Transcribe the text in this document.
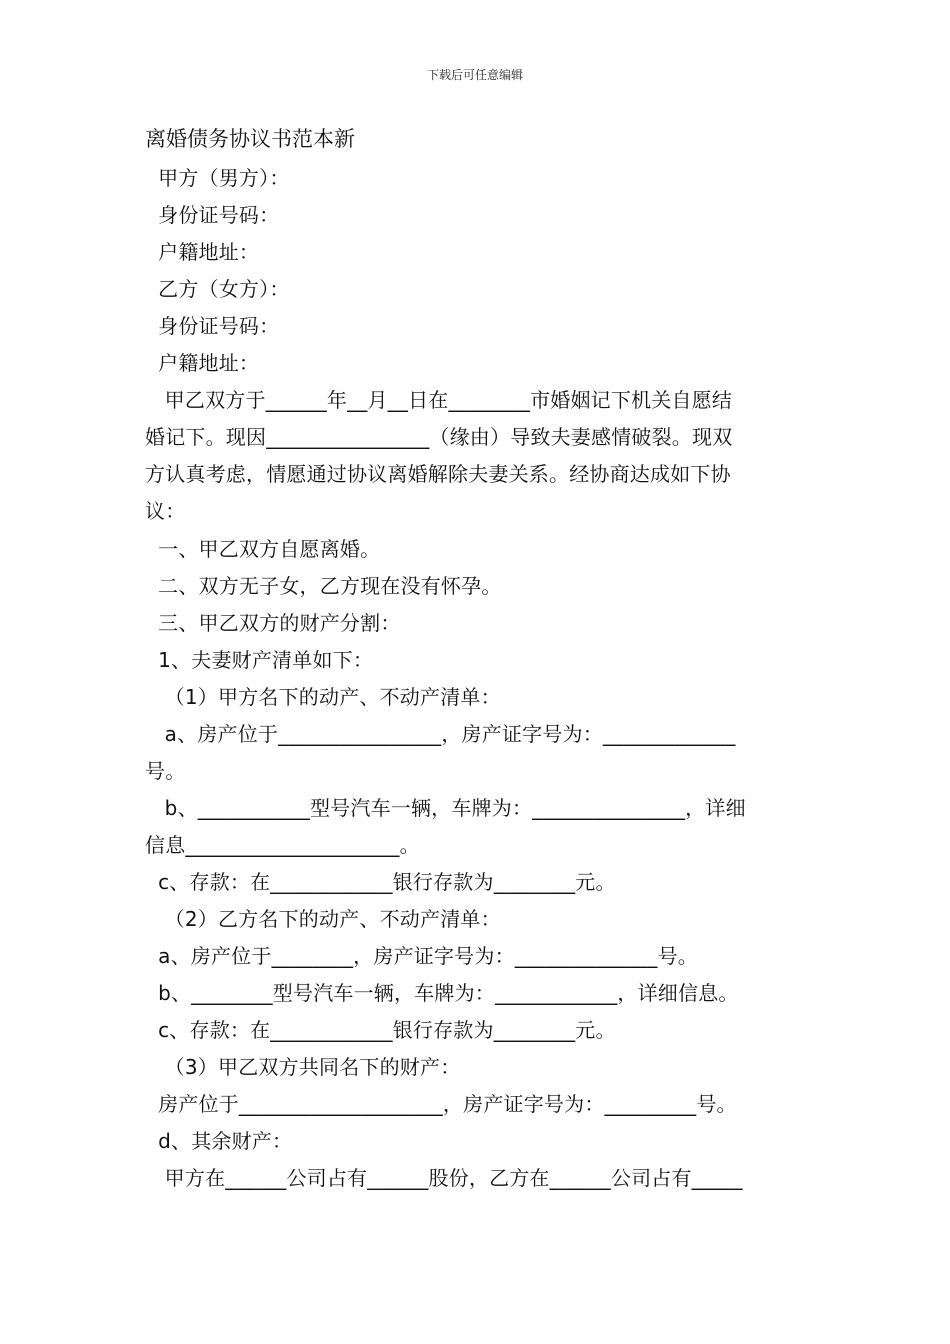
下载后可任意编辑
离婚债务协议书范本新
甲方（男方）：
身份证号码：
户籍地址：
乙方（女方）：
身份证号码：
户籍地址：
甲乙双方于______年__月__日在________市婚姻记下机关自愿结
婚记下。现因________________（缘由）导致夫妻感情破裂。现双
方认真考虑，情愿通过协议离婚解除夫妻关系。经协商达成如下协
议：
一、甲乙双方自愿离婚。
二、双方无子女，乙方现在没有怀孕。
三、甲乙双方的财产分割：
1、夫妻财产清单如下：
（1）甲方名下的动产、不动产清单：
a、房产位于________________，房产证字号为：_____________
号。
b、___________型号汽车一辆，车牌为：_______________，详细
信息_____________________。
c、存款：在____________银行存款为________元。
（2）乙方名下的动产、不动产清单：
a、房产位于________，房产证字号为：______________号。
b、________型号汽车一辆，车牌为：____________，详细信息。
c、存款：在____________银行存款为________元。
（3）甲乙双方共同名下的财产：
房产位于____________________，房产证字号为：_________号。
d、其余财产：
甲方在______公司占有______股份，乙方在______公司占有_____
